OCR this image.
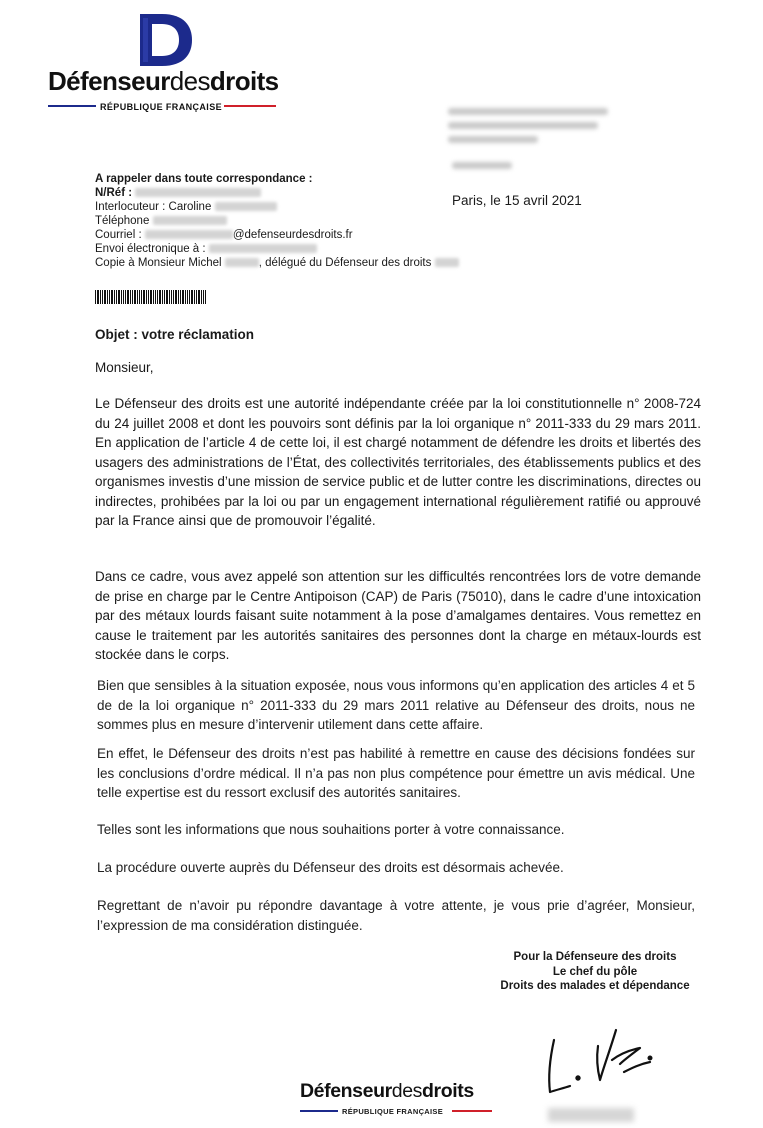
Défenseurdesdroits
RÉPUBLIQUE FRANÇAISE
A rappeler dans toute correspondance :
N/Réf :
Interlocuteur : Caroline
Téléphone
Courriel :	@defenseurdesdroits.fr
Envoi électronique à :
Copie à Monsieur Michel	, délégué du Défenseur des droits
Paris, le 15 avril 2021
Objet : votre réclamation
Monsieur,

Le Défenseur des droits est une autorité indépendante créée par la loi constitutionnelle n° 2008-724 du 24 juillet 2008 et dont les pouvoirs sont définis par la loi organique n° 2011-333 du 29 mars 2011. En application de l’article 4 de cette loi, il est chargé notamment de défendre les droits et libertés des usagers des administrations de l’État, des collectivités territoriales, des établissements publics et des organismes investis d’une mission de service public et de lutter contre les discriminations, directes ou indirectes, prohibées par la loi ou par un engagement international régulièrement ratifié ou approuvé par la France ainsi que de promouvoir l’égalité.

Dans ce cadre, vous avez appelé son attention sur les difficultés rencontrées lors de votre demande de prise en charge par le Centre Antipoison (CAP) de Paris (75010), dans le cadre d’une intoxication par des métaux lourds faisant suite notamment à la pose d’amalgames dentaires. Vous remettez en cause le traitement par les autorités sanitaires des personnes dont la charge en métaux-lourds est stockée dans le corps.

Bien que sensibles à la situation exposée, nous vous informons qu’en application des articles 4 et 5 de de la loi organique n° 2011-333 du 29 mars 2011 relative au Défenseur des droits, nous ne sommes plus en mesure d’intervenir utilement dans cette affaire.

En effet, le Défenseur des droits n’est pas habilité à remettre en cause des décisions fondées sur les conclusions d’ordre médical. Il n’a pas non plus compétence pour émettre un avis médical. Une telle expertise est du ressort exclusif des autorités sanitaires.

Telles sont les informations que nous souhaitions porter à votre connaissance.

La procédure ouverte auprès du Défenseur des droits est désormais achevée.

Regrettant de n’avoir pu répondre davantage à votre attente, je vous prie d’agréer, Monsieur, l’expression de ma considération distinguée.

Pour la Défenseure des droits
Le chef du pôle
Droits des malades et dépendance
Défenseurdesdroits
RÉPUBLIQUE FRANÇAISE
